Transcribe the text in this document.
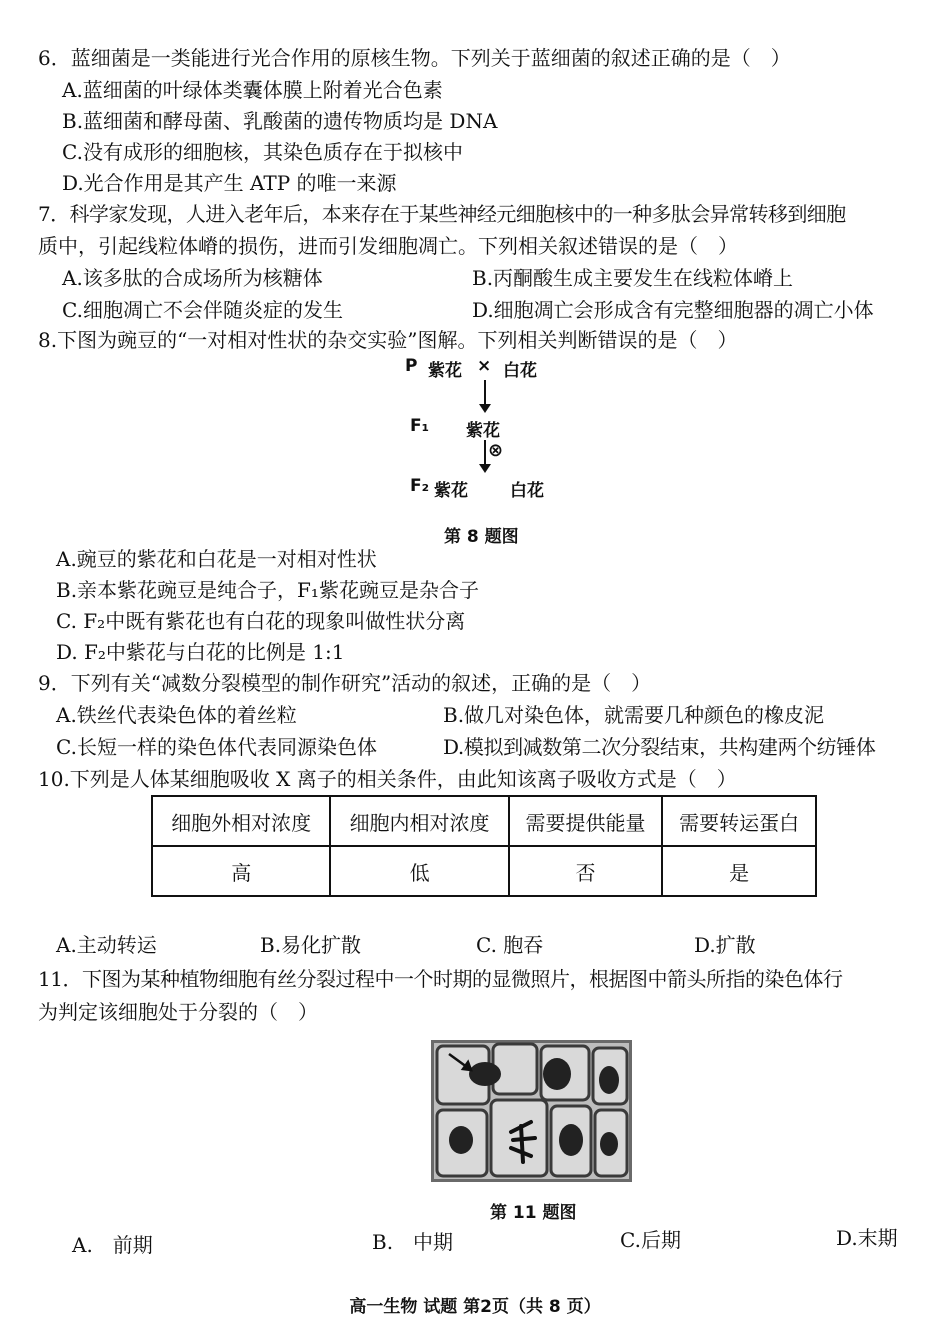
6．蓝细菌是一类能进行光合作用的原核生物。下列关于蓝细菌的叙述正确的是（　）
A.蓝细菌的叶绿体类囊体膜上附着光合色素
B.蓝细菌和酵母菌、乳酸菌的遗传物质均是 DNA
C.没有成形的细胞核，其染色质存在于拟核中
D.光合作用是其产生 ATP 的唯一来源
7．科学家发现，人进入老年后，本来存在于某些神经元细胞核中的一种多肽会异常转移到细胞
质中，引起线粒体嵴的损伤，进而引发细胞凋亡。下列相关叙述错误的是（　）
A.该多肽的合成场所为核糖体	B.丙酮酸生成主要发生在线粒体嵴上
C.细胞凋亡不会伴随炎症的发生	D.细胞凋亡会形成含有完整细胞器的凋亡小体
8.下图为豌豆的“一对相对性状的杂交实验”图解。下列相关判断错误的是（　）
P 紫花 × 白花
F₁ 紫花
⊗
F₂ 紫花 白花
第 8 题图
A.豌豆的紫花和白花是一对相对性状
B.亲本紫花豌豆是纯合子，F₁紫花豌豆是杂合子
C. F₂中既有紫花也有白花的现象叫做性状分离
D. F₂中紫花与白花的比例是 1:1
9．下列有关“减数分裂模型的制作研究”活动的叙述，正确的是（　）
A.铁丝代表染色体的着丝粒	B.做几对染色体，就需要几种颜色的橡皮泥
C.长短一样的染色体代表同源染色体	D.模拟到减数第二次分裂结束，共构建两个纺锤体
10.下列是人体某细胞吸收 X 离子的相关条件，由此知该离子吸收方式是（　）
细胞外相对浓度	细胞内相对浓度	需要提供能量	需要转运蛋白
高	低	否	是
A.主动转运	B.易化扩散	C. 胞吞	D.扩散
11．下图为某种植物细胞有丝分裂过程中一个时期的显微照片，根据图中箭头所指的染色体行
为判定该细胞处于分裂的（　）
第 11 题图
A.　前期	B.　中期	C.后期	D.末期
高一生物 试题 第2页（共 8 页）
